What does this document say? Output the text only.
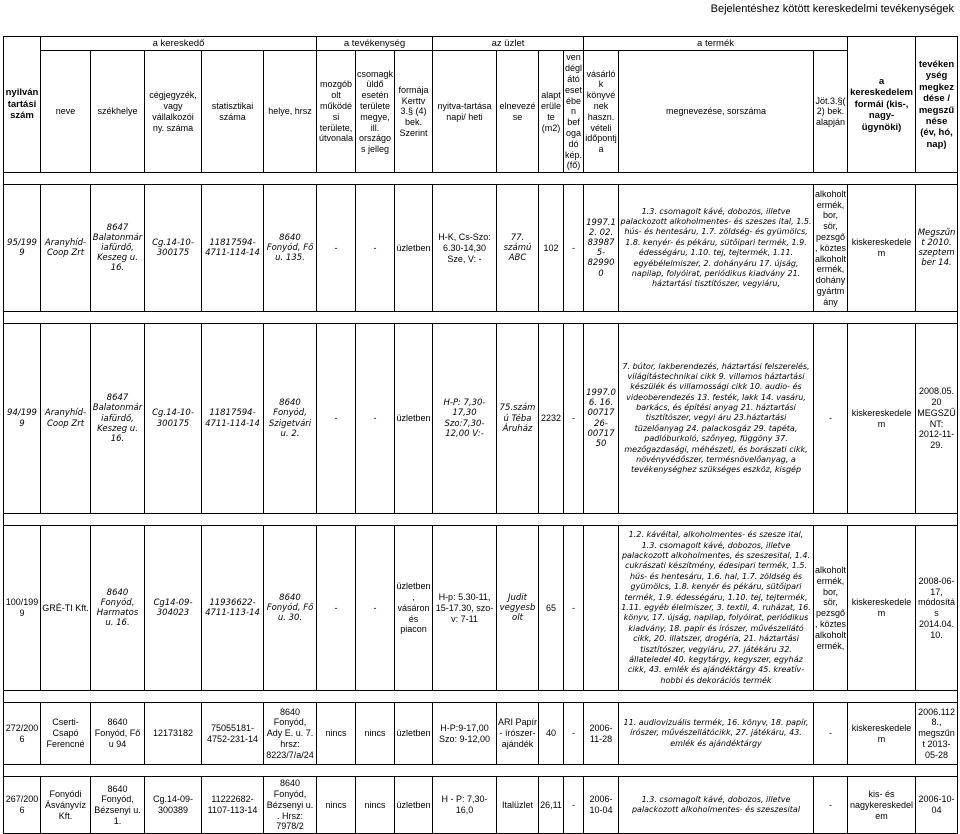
Bejelentéshez kötött kereskedelmi tevékenységek
nyilvántartási szám	a kereskedő					a tevékenység			az üzlet				a termék			a kereskedelem formái (kis-, nagy- ügynöki)	tevékenység megkezdése / megszűnése (év, hó, nap)
	neve	székhelye	cégjegyzék, vagy vállalkozói ny. száma	statisztikai száma	helye, hrsz	mozgóbolt működési területe, útvonala	csomagküldő esetén területe megye, ill. országos jelleg	formája Kerttv 3.§ (4) bek. Szerint	nyitva-tartása napi/ heti	elnevezése	alapterülete (m2)	vendéglátó esetében befogadó kép. (fő)	vásárlók könyvének haszn. vételi időpontja	megnevezése, sorszáma	Jöt.3.§( 2) bek. alapján		

95/1999	Aranyhíd-Coop Zrt	8647 Balatonmáriafürdő, Keszeg u. 16.	Cg.14-10-300175	11817594-4711-114-14	8640 Fonyód, Fő u. 135.	-	-	üzletben	H-K, Cs-Szo: 6.30-14,30 Sze, V: -	77. számú ABC	102	-	1997.12. 02. 839875-829900	1.3. csomagolt kávé, dobozos, illetve palackozott alkoholmentes- és szeszes ital, 1.5. hús- és hentesáru, 1.7. zöldség- és gyümölcs, 1.8. kenyér- és pékáru, sütőipari termék, 1.9. édességáru, 1.10. tej, tejtermék, 1.11. egyébélelmiszer, 2. dohányáru 17. újság, napilap, folyóirat, periódikus kiadvány 21. háztartási tisztítószer, vegyiáru,	alkoholtermék, bor, sör, pezsgő, köztes alkoholtermék, dohánygyártmány	kiskereskedelem	Megszűnt 2010. szeptember 14.

94/1999	Aranyhíd-Coop Zrt	8647 Balatonmáriafürdő, Keszeg u. 16.	Cg.14-10-300175	11817594-4711-114-14	8640 Fonyód, Szigetvári u. 2.	-	-	üzletben	H-P: 7,30-17,30 Szo:7,30-12,00 V:-	75.számú Téba Áruház	2232	-	1997.06. 16. 0071726-0071750	7. bútor, lakberendezés, háztartási felszerelés, világítástechnikai cikk 9. villamos háztartási készülék és villamossági cikk 10. audio- és videoberendezés 13. festék, lakk 14. vasáru, barkács, és építési anyag 21. háztartási tisztítószer, vegyi áru 23.háztartási tüzelőanyag 24. palackosgáz 29. tapéta, padlóburkoló, szőnyeg, függöny 37. mezőgazdasági, méhészeti, és borászati cikk, növényvédőszer, termésnövelőanyag, a tevékenységhez szükséges eszköz, kisgép	-	kiskereskedelem	2008.05.20 MEGSZŰNT: 2012-11-29.

100/1999	GRÉ-TI Kft.	8640 Fonyód, Harmatos u. 16.	Cg14-09-304023	11936622-4711-113-14	8640 Fonyód, Fő u. 30.	-	-	üzletben, vásáron és piacon	H-p: 5.30-11, 15-17.30, szo-v: 7-11	Judit vegyesbolt	65	-		1.2. kávéital, alkoholmentes- és szesze ital, 1.3. csomagolt kávé, dobozos, illetve palackozott alkoholmentes, és szeszesital, 1.4. cukrászati készítmény, édesipari termék, 1.5. hús- és hentesáru, 1.6. hal, 1.7. zöldség és gyümölcs, 1.8. kenyér és pékáru, sütőipari termék, 1.9. édességáru, 1.10. tej, tejtermék, 1.11. egyéb élelmiszer, 3. textil, 4. ruházat, 16. könyv, 17. újság, napilap, folyóirat, periódikus kiadvány, 18. papír és írószer, művészellátó cikk, 20. illatszer, drogéria, 21. háztartási tisztítószer, vegyiáru, 27. játékáru 32. állateledel 40. kegytárgy, kegyszer, egyház cikk, 43. emlék és ajándéktárgy 45. kreatív-hobbi és dekorációs termék	alkoholtermék, bor, sör, pezsgő, köztes alkoholtermék,	kiskereskedelem	2008-06-17, módosítás 2014.04.10.

272/2006	Cserti-Csapó Ferencné	8640 Fonyód, Fő u 94	12173182	75055181-4752-231-14	8640 Fonyód, Ady E. u. 7. hrsz: 8223/7/a/24	nincs	nincs	üzletben	H-P:9-17,00 Szo: 9-12,00	ARI Papír - írószer-ajándék	40	-	2006-11-28	11. audiovizuális termék, 16. könyv, 18. papír, írószer, művészellátócikk, 27. játékáru, 43. emlék és ajándéktárgy	-	kiskereskedelem	2006.1128., megszűnt 2013-05-28

267/2006	Fonyódi Ásványvíz Kft.	8640 Fonyód, Bézsenyi u. 1.	Cg.14-09-300389	11222682-1107-113-14	8640 Fonyód, Bézsenyi u. . Hrsz: 7978/2	nincs	nincs	üzletben	H - P: 7,30-16,0	Italüzlet	26,11	-	2006-10-04	1.3. csomagolt kávé, dobozos, illetve palackozott alkoholmentes- és szeszesital	-	kis- és nagykereskedelem	2006-10-04
